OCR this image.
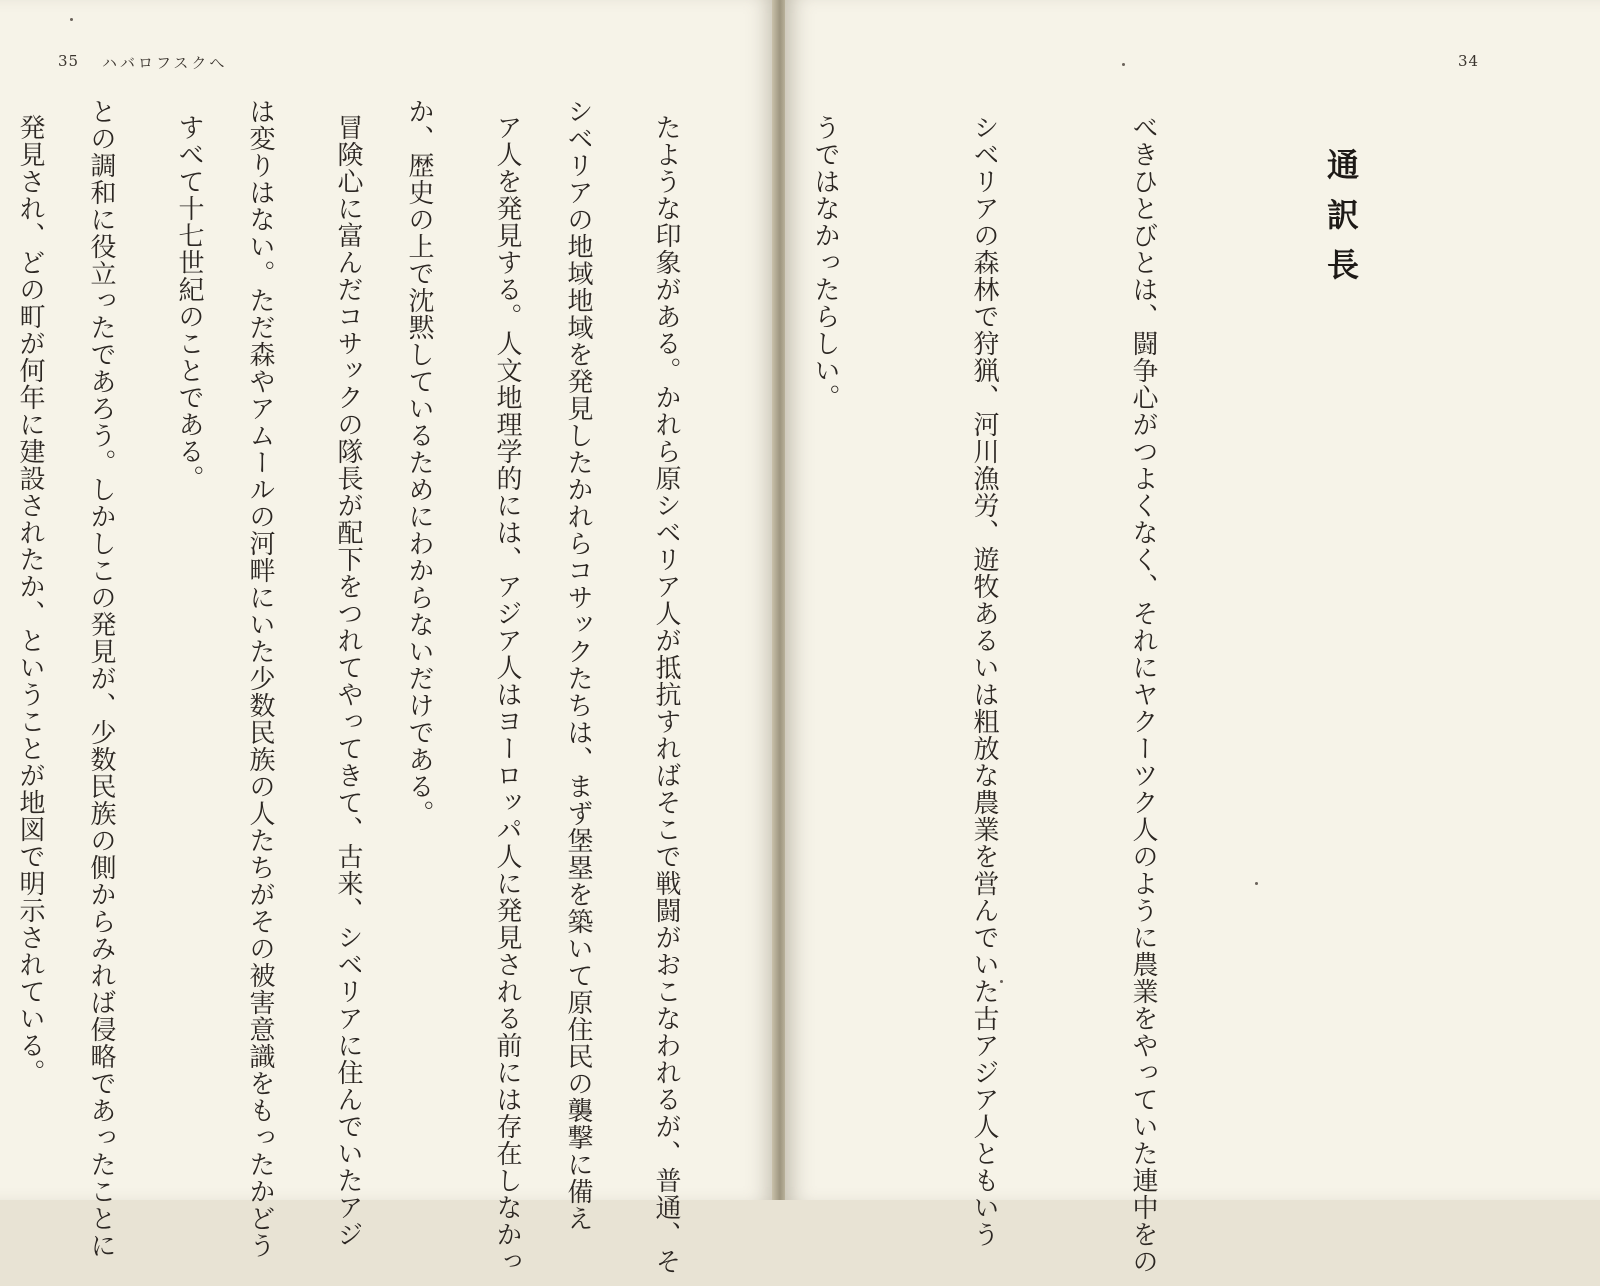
35 ハバロフスクへ	34
通訳長

シベリアの地域地域を発見したかれらコサックたちは、まず堡塁を築いて原住民の襲撃に備え

か、歴史の上で沈黙しているためにわからないだけである。

は変りはない。ただ森やアムールの河畔にいた少数民族の人たちがその被害意識をもったかどう

との調和に役立ったであろう。しかしこの発見が、少数民族の側からみれば侵略であったことに

	べきひとびとは、闘争心がつよくなく、それにヤクーツク人のように農業をやっていた連中をの

シベリアの森林で狩猟、河川漁労、遊牧あるいは粗放な農業を営んでいた古アジア人ともいう

うではなかったらしい。

たような印象がある。かれら原シベリア人が抵抗すればそこで戦闘がおこなわれるが、普通、そ

ア人を発見する。人文地理学的には、アジア人はヨーロッパ人に発見される前には存在しなかっ

冒険心に富んだコサックの隊長が配下をつれてやってきて、古来、シベリアに住んでいたアジ

すべて十七世紀のことである。

発見され、どの町が何年に建設されたか、ということが地図で明示されている。
